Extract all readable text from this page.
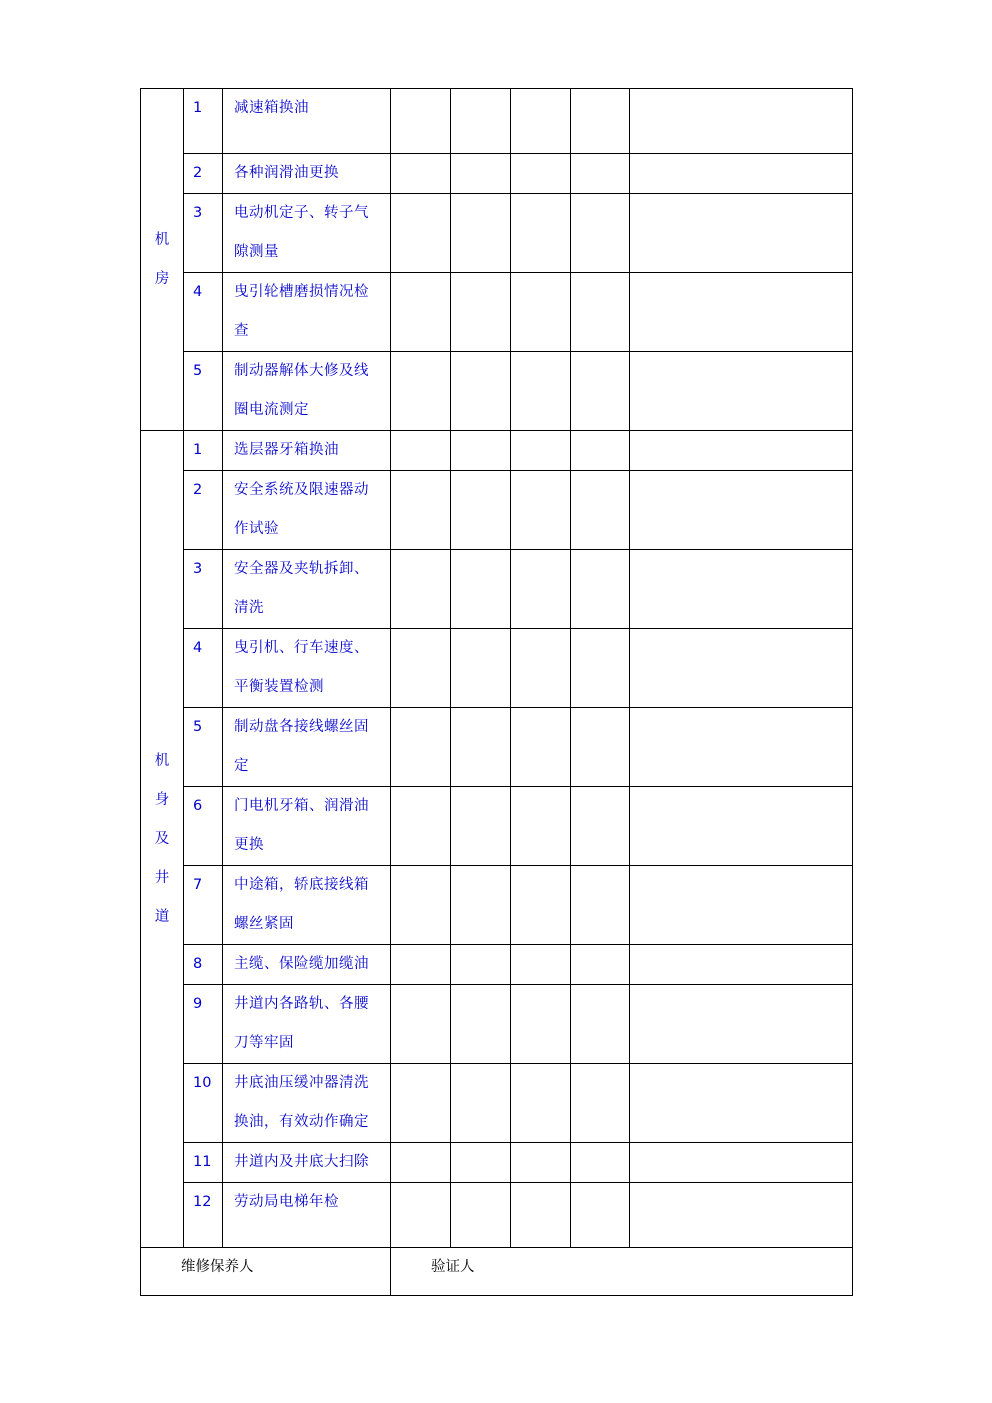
机房	1	减速箱换油					
	2	各种润滑油更换					
	3	电动机定子、转子气隙测量					
	4	曳引轮槽磨损情况检查					
	5	制动器解体大修及线圈电流测定					
机身及井道	1	选层器牙箱换油					
	2	安全系统及限速器动作试验					
	3	安全器及夹轨拆卸、清洗					
	4	曳引机、行车速度、平衡装置检测					
	5	制动盘各接线螺丝固定					
	6	门电机牙箱、润滑油更换					
	7	中途箱，轿底接线箱螺丝紧固					
	8	主缆、保险缆加缆油					
	9	井道内各路轨、各腰刀等牢固					
	10	井底油压缓冲器清洗换油，有效动作确定					
	11	井道内及井底大扫除					
	12	劳动局电梯年检					
维修保养人			验证人				
